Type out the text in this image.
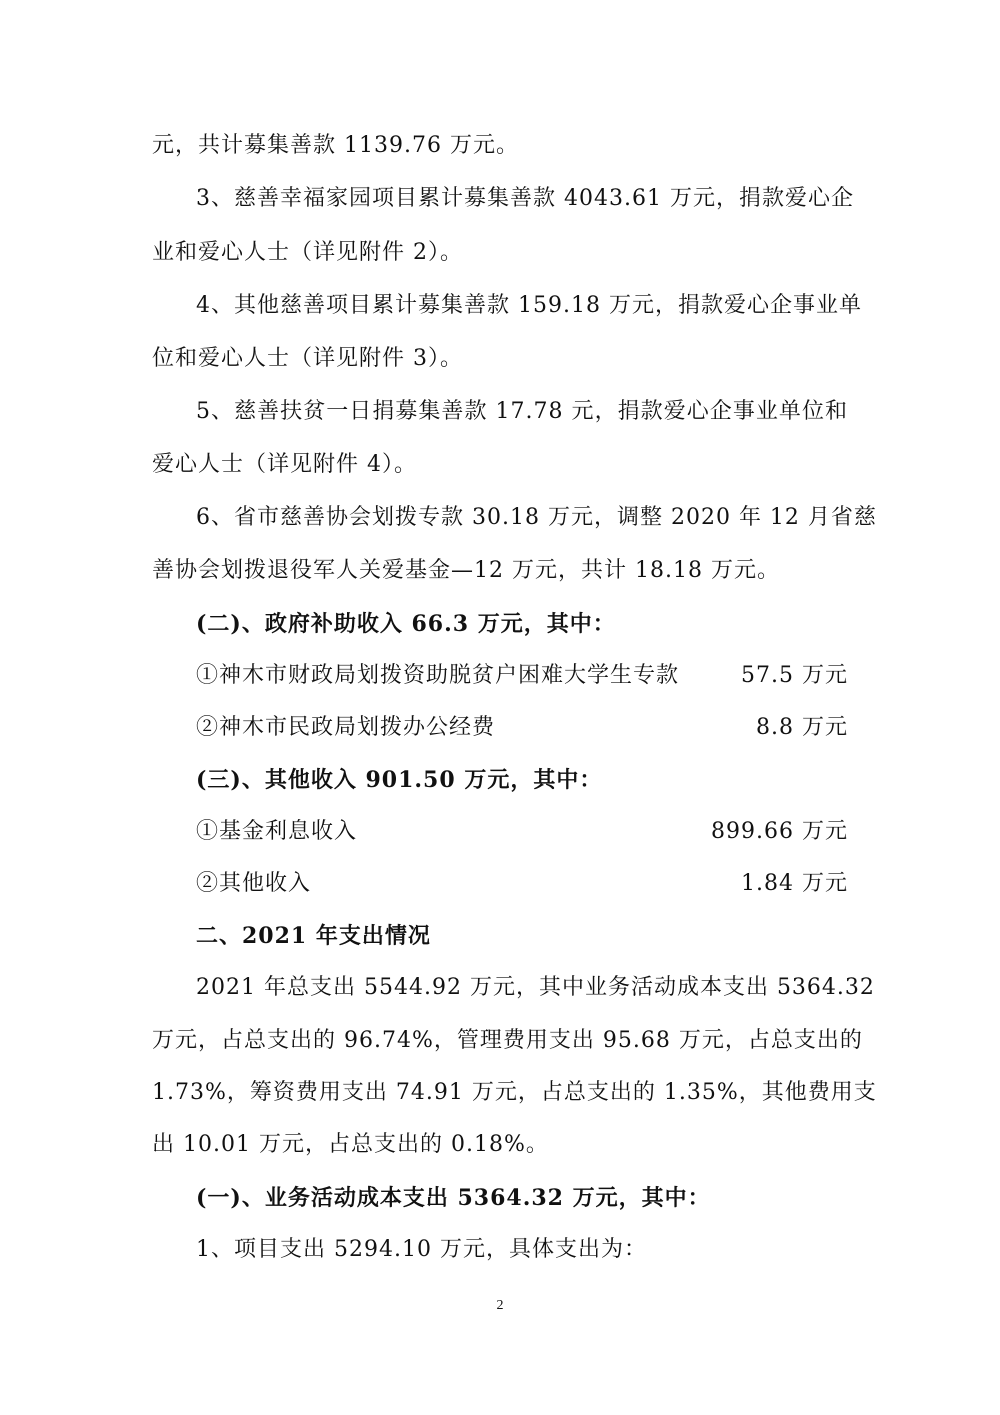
元，共计募集善款 1139.76 万元。
3、慈善幸福家园项目累计募集善款 4043.61 万元，捐款爱心企
业和爱心人士（详见附件 2）。
4、其他慈善项目累计募集善款 159.18 万元，捐款爱心企事业单
位和爱心人士（详见附件 3）。
5、慈善扶贫一日捐募集善款 17.78 元，捐款爱心企事业单位和
爱心人士（详见附件 4）。
6、省市慈善协会划拨专款 30.18 万元，调整 2020 年 12 月省慈
善协会划拨退役军人关爱基金—12 万元，共计 18.18 万元。
(二)、政府补助收入 66.3 万元，其中：
①神木市财政局划拨资助脱贫户困难大学生专款	57.5 万元
②神木市民政局划拨办公经费	8.8 万元
(三)、其他收入 901.50 万元，其中：
①基金利息收入	899.66 万元
②其他收入	1.84 万元
二、2021 年支出情况
2021 年总支出 5544.92 万元，其中业务活动成本支出 5364.32
万元，占总支出的 96.74%，管理费用支出 95.68 万元，占总支出的
1.73%，筹资费用支出 74.91 万元，占总支出的 1.35%，其他费用支
出 10.01 万元，占总支出的 0.18%。
(一)、业务活动成本支出 5364.32 万元，其中：
1、项目支出 5294.10 万元，具体支出为：
2
